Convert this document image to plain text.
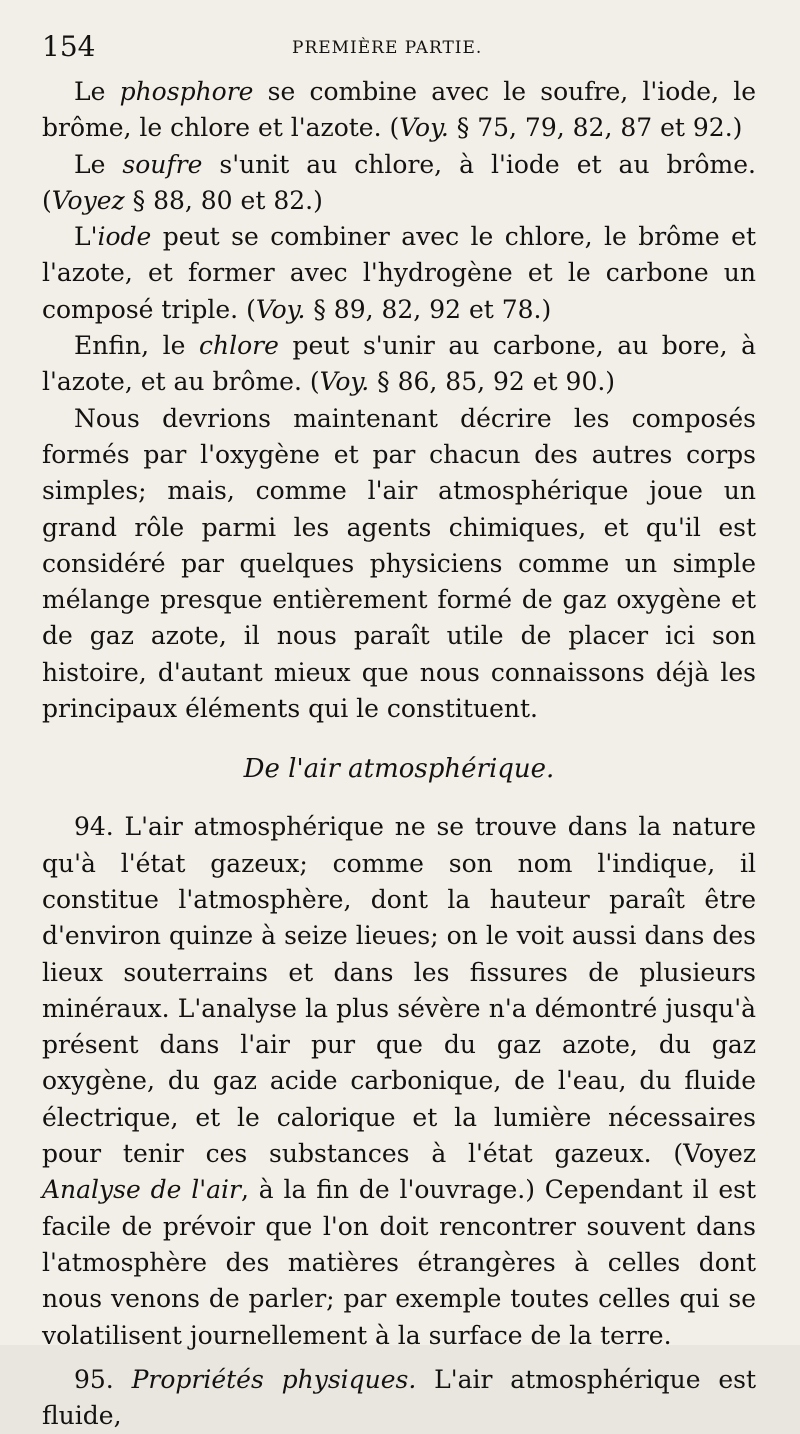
154	PREMIÈRE PARTIE.

Le phosphore se combine avec le soufre, l'iode, le brôme, le chlore et l'azote. (Voy. § 75, 79, 82, 87 et 92.)

Le soufre s'unit au chlore, à l'iode et au brôme. (Voyez § 88, 80 et 82.)

L'iode peut se combiner avec le chlore, le brôme et l'azote, et former avec l'hydrogène et le carbone un composé triple. (Voy. § 89, 82, 92 et 78.)

Enfin, le chlore peut s'unir au carbone, au bore, à l'azote, et au brôme. (Voy. § 86, 85, 92 et 90.)

Nous devrions maintenant décrire les composés formés par l'oxygène et par chacun des autres corps simples; mais, comme l'air atmosphérique joue un grand rôle parmi les agents chimiques, et qu'il est considéré par quelques physiciens comme un simple mélange presque entièrement formé de gaz oxygène et de gaz azote, il nous paraît utile de placer ici son histoire, d'autant mieux que nous connaissons déjà les principaux éléments qui le constituent.

De l'air atmosphérique.

94. L'air atmosphérique ne se trouve dans la nature qu'à l'état gazeux; comme son nom l'indique, il constitue l'atmosphère, dont la hauteur paraît être d'environ quinze à seize lieues; on le voit aussi dans des lieux souterrains et dans les fissures de plusieurs minéraux. L'analyse la plus sévère n'a démontré jusqu'à présent dans l'air pur que du gaz azote, du gaz oxygène, du gaz acide carbonique, de l'eau, du fluide électrique, et le calorique et la lumière nécessaires pour tenir ces substances à l'état gazeux. (Voyez Analyse de l'air, à la fin de l'ouvrage.) Cependant il est facile de prévoir que l'on doit rencontrer souvent dans l'atmosphère des matières étrangères à celles dont nous venons de parler; par exemple toutes celles qui se volatilisent journellement à la surface de la terre.

95. Propriétés physiques. L'air atmosphérique est fluide,
